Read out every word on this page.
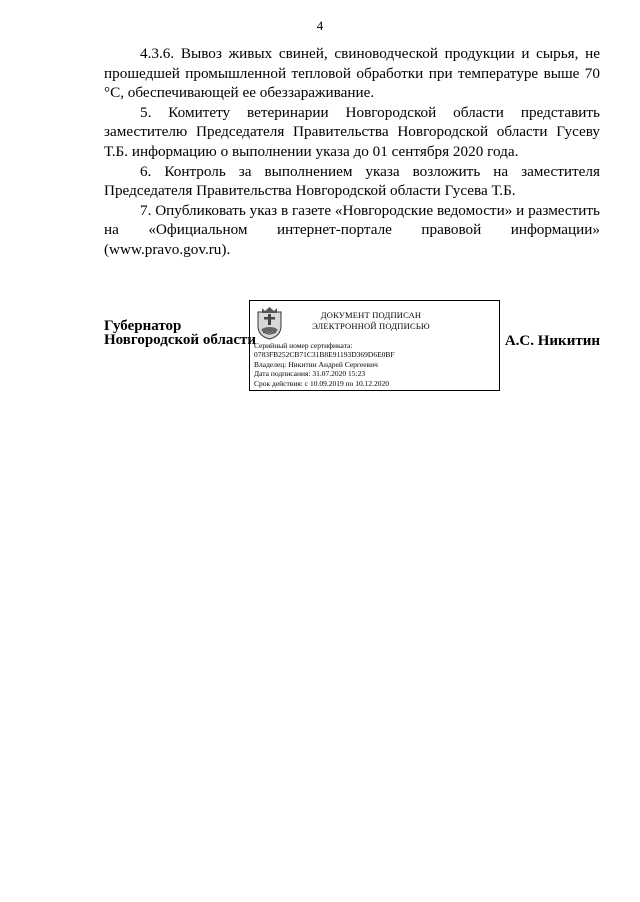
4

4.3.6. Вывоз живых свиней, свиноводческой продукции и сырья, не прошедшей промышленной тепловой обработки при температуре выше 70 °С, обеспечивающей ее обеззараживание.

5. Комитету ветеринарии Новгородской области представить заместителю Председателя Правительства Новгородской области Гусеву Т.Б. информацию о выполнении указа до 01 сентября 2020 года.

6. Контроль за выполнением указа возложить на заместителя Председателя Правительства Новгородской области Гусева Т.Б.

7. Опубликовать указ в газете «Новгородские ведомости» и разместить на «Официальном интернет-портале правовой информации» (www.pravo.gov.ru).

Губернатор
Новгородской области
ДОКУМЕНТ ПОДПИСАН
ЭЛЕКТРОННОЙ ПОДПИСЬЮ
Серийный номер сертификата:
0783FB252CB71C31B8E91193D369D6E0BF
Владелец: Никитин Андрей Сергеевич
Дата подписания: 31.07.2020 15:23
Срок действия: с 10.09.2019 по 10.12.2020
А.С. Никитин
